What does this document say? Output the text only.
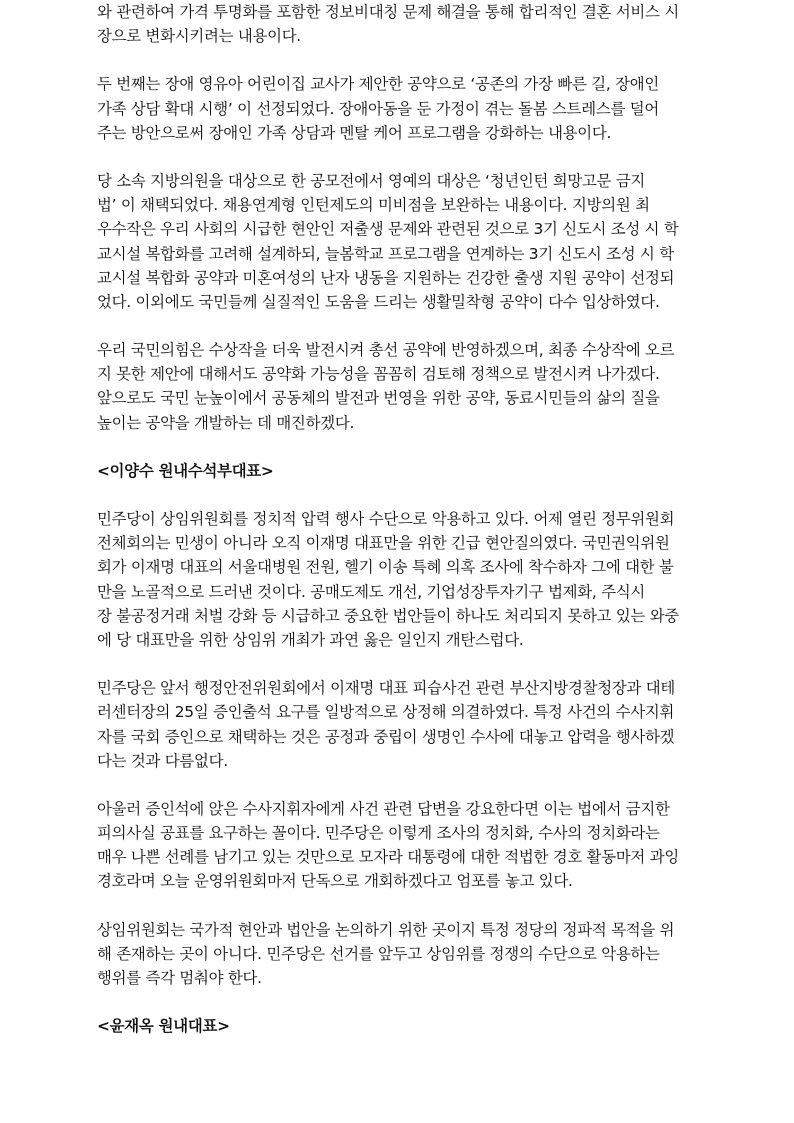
와 관련하여 가격 투명화를 포함한 정보비대칭 문제 해결을 통해 합리적인 결혼 서비스 시
장으로 변화시키려는 내용이다.
두 번째는 장애 영유아 어린이집 교사가 제안한 공약으로 ‘공존의 가장 빠른 길, 장애인
가족 상담 확대 시행’ 이 선정되었다. 장애아동을 둔 가정이 겪는 돌봄 스트레스를 덜어
주는 방안으로써 장애인 가족 상담과 멘탈 케어 프로그램을 강화하는 내용이다.
당 소속 지방의원을 대상으로 한 공모전에서 영예의 대상은 ‘청년인턴 희망고문 금지
법’ 이 채택되었다. 채용연계형 인턴제도의 미비점을 보완하는 내용이다. 지방의원 최
우수작은 우리 사회의 시급한 현안인 저출생 문제와 관련된 것으로 3기 신도시 조성 시 학
교시설 복합화를 고려해 설계하되, 늘봄학교 프로그램을 연계하는 3기 신도시 조성 시 학
교시설 복합화 공약과 미혼여성의 난자 냉동을 지원하는 건강한 출생 지원 공약이 선정되
었다. 이외에도 국민들께 실질적인 도움을 드리는 생활밀착형 공약이 다수 입상하였다.
우리 국민의힘은 수상작을 더욱 발전시켜 총선 공약에 반영하겠으며, 최종 수상작에 오르
지 못한 제안에 대해서도 공약화 가능성을 꼼꼼히 검토해 정책으로 발전시켜 나가겠다.
앞으로도 국민 눈높이에서 공동체의 발전과 번영을 위한 공약, 동료시민들의 삶의 질을
높이는 공약을 개발하는 데 매진하겠다.
<이양수 원내수석부대표>
민주당이 상임위원회를 정치적 압력 행사 수단으로 악용하고 있다. 어제 열린 정무위원회
전체회의는 민생이 아니라 오직 이재명 대표만을 위한 긴급 현안질의였다. 국민권익위원
회가 이재명 대표의 서울대병원 전원, 헬기 이송 특혜 의혹 조사에 착수하자 그에 대한 불
만을 노골적으로 드러낸 것이다. 공매도제도 개선, 기업성장투자기구 법제화, 주식시
장 불공정거래 처벌 강화 등 시급하고 중요한 법안들이 하나도 처리되지 못하고 있는 와중
에 당 대표만을 위한 상임위 개최가 과연 옳은 일인지 개탄스럽다.
민주당은 앞서 행정안전위원회에서 이재명 대표 피습사건 관련 부산지방경찰청장과 대테
러센터장의 25일 증인출석 요구를 일방적으로 상정해 의결하였다. 특정 사건의 수사지휘
자를 국회 증인으로 채택하는 것은 공정과 중립이 생명인 수사에 대놓고 압력을 행사하겠
다는 것과 다름없다.
아울러 증인석에 앉은 수사지휘자에게 사건 관련 답변을 강요한다면 이는 법에서 금지한
피의사실 공표를 요구하는 꼴이다. 민주당은 이렇게 조사의 정치화, 수사의 정치화라는
매우 나쁜 선례를 남기고 있는 것만으로 모자라 대통령에 대한 적법한 경호 활동마저 과잉
경호라며 오늘 운영위원회마저 단독으로 개회하겠다고 엄포를 놓고 있다.
상임위원회는 국가적 현안과 법안을 논의하기 위한 곳이지 특정 정당의 정파적 목적을 위
해 존재하는 곳이 아니다. 민주당은 선거를 앞두고 상임위를 정쟁의 수단으로 악용하는
행위를 즉각 멈춰야 한다.
<윤재옥 원내대표>
